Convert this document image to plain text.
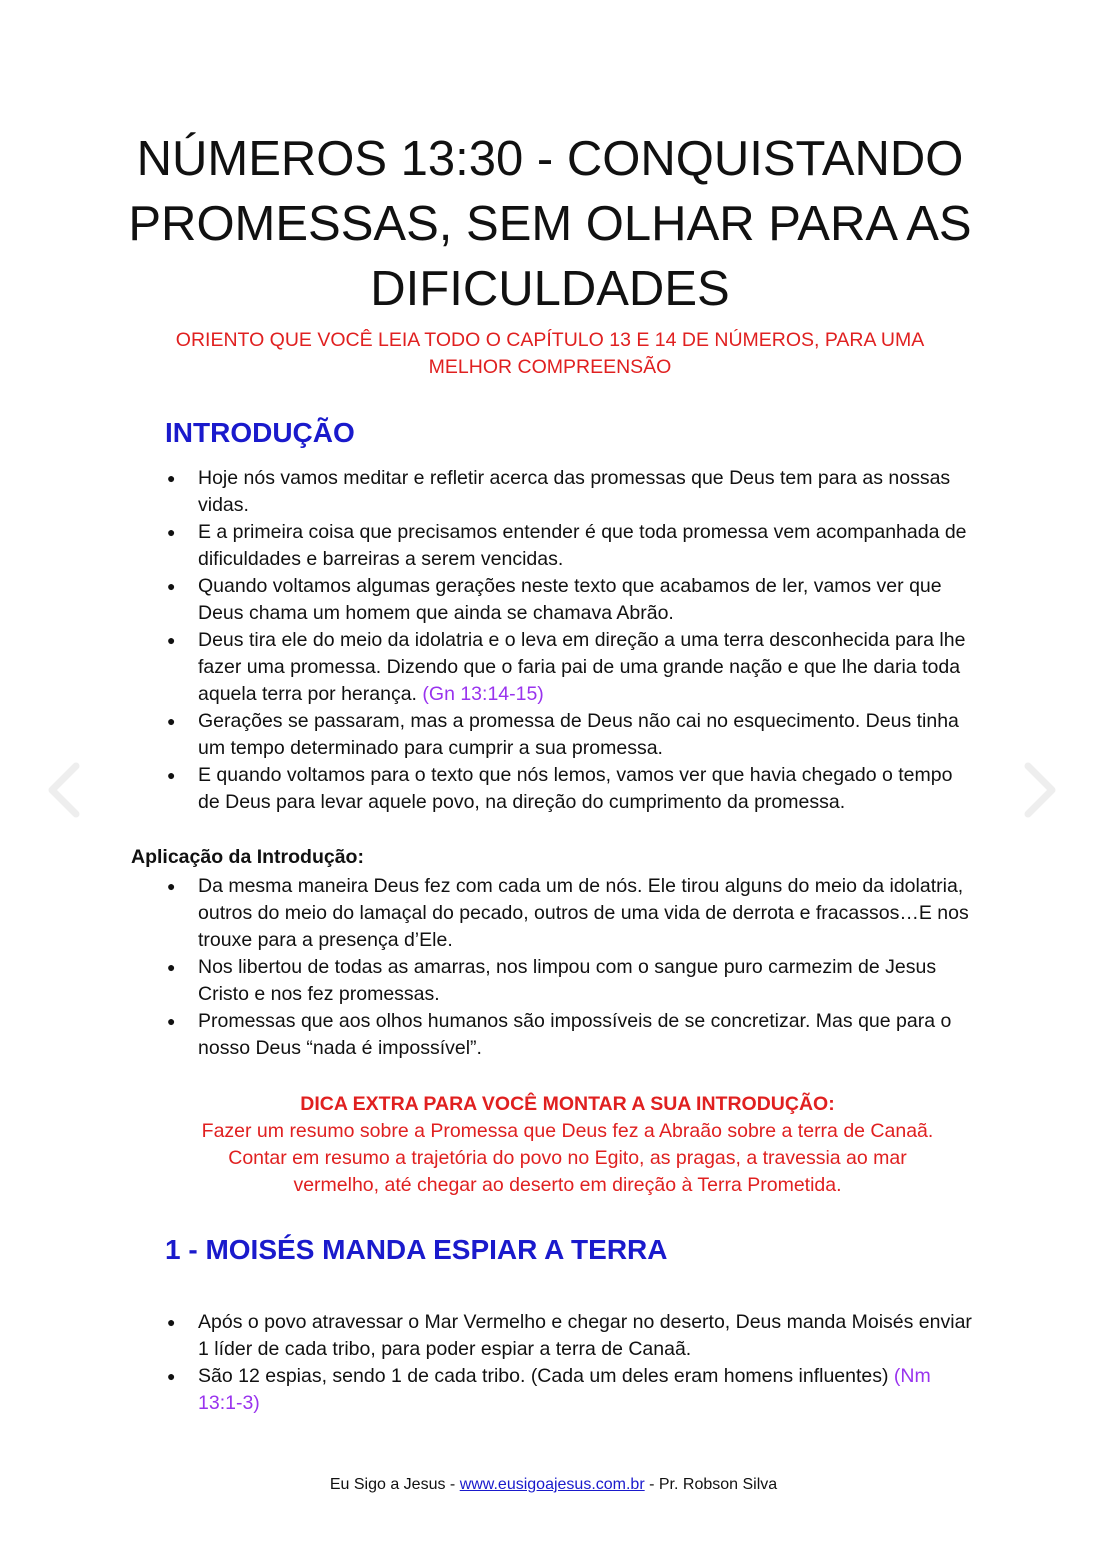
NÚMEROS 13:30 - CONQUISTANDO PROMESSAS, SEM OLHAR PARA AS DIFICULDADES

ORIENTO QUE VOCÊ LEIA TODO O CAPÍTULO 13 E 14 DE NÚMEROS, PARA UMA MELHOR COMPREENSÃO

INTRODUÇÃO
● Hoje nós vamos meditar e refletir acerca das promessas que Deus tem para as nossas vidas.
● E a primeira coisa que precisamos entender é que toda promessa vem acompanhada de dificuldades e barreiras a serem vencidas.
● Quando voltamos algumas gerações neste texto que acabamos de ler, vamos ver que Deus chama um homem que ainda se chamava Abrão.
● Deus tira ele do meio da idolatria e o leva em direção a uma terra desconhecida para lhe fazer uma promessa. Dizendo que o faria pai de uma grande nação e que lhe daria toda aquela terra por herança. (Gn 13:14-15)
● Gerações se passaram, mas a promessa de Deus não cai no esquecimento. Deus tinha um tempo determinado para cumprir a sua promessa.
● E quando voltamos para o texto que nós lemos, vamos ver que havia chegado o tempo de Deus para levar aquele povo, na direção do cumprimento da promessa.
Aplicação da Introdução:
● Da mesma maneira Deus fez com cada um de nós. Ele tirou alguns do meio da idolatria, outros do meio do lamaçal do pecado, outros de uma vida de derrota e fracassos…E nos trouxe para a presença d’Ele.
● Nos libertou de todas as amarras, nos limpou com o sangue puro carmezim de Jesus Cristo e nos fez promessas.
● Promessas que aos olhos humanos são impossíveis de se concretizar. Mas que para o nosso Deus “nada é impossível”.
DICA EXTRA PARA VOCÊ MONTAR A SUA INTRODUÇÃO:
Fazer um resumo sobre a Promessa que Deus fez a Abraão sobre a terra de Canaã.
Contar em resumo a trajetória do povo no Egito, as pragas, a travessia ao mar
vermelho, até chegar ao deserto em direção à Terra Prometida.
1 - MOISÉS MANDA ESPIAR A TERRA
● Após o povo atravessar o Mar Vermelho e chegar no deserto, Deus manda Moisés enviar 1 líder de cada tribo, para poder espiar a terra de Canaã.
● São 12 espias, sendo 1 de cada tribo. (Cada um deles eram homens influentes) (Nm 13:1-3)
Eu Sigo a Jesus - www.eusigoajesus.com.br - Pr. Robson Silva
